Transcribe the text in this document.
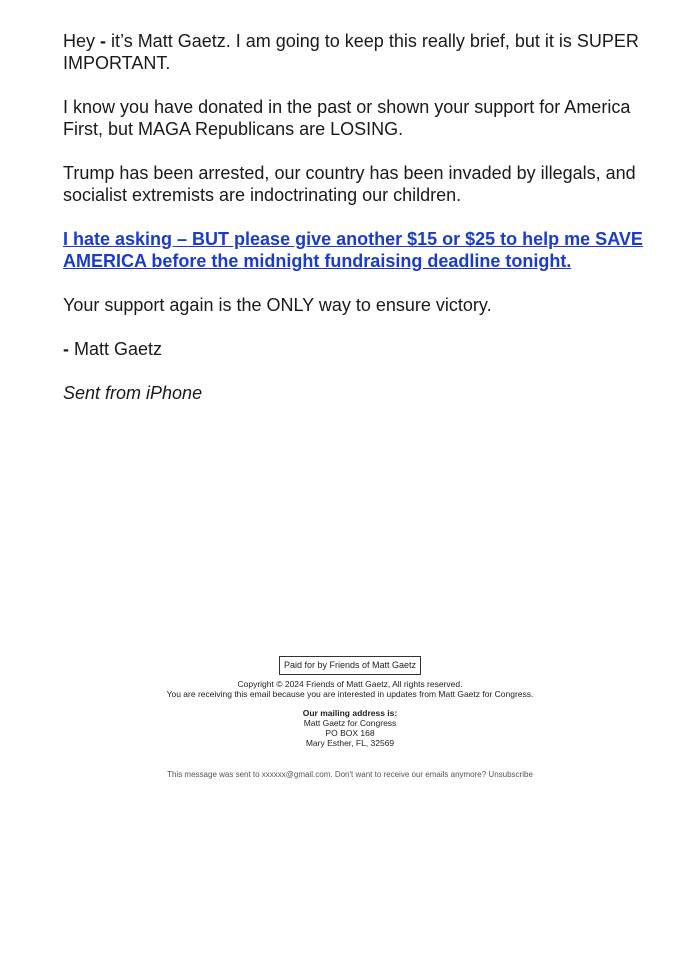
Hey - it’s Matt Gaetz. I am going to keep this really brief, but it is SUPER IMPORTANT.

I know you have donated in the past or shown your support for America First, but MAGA Republicans are LOSING.

Trump has been arrested, our country has been invaded by illegals, and socialist extremists are indoctrinating our children.

I hate asking – BUT please give another $15 or $25 to help me SAVE AMERICA before the midnight fundraising deadline tonight.

Your support again is the ONLY way to ensure victory.

- Matt Gaetz

Sent from iPhone

Paid for by Friends of Matt Gaetz

Copyright © 2024 Friends of Matt Gaetz, All rights reserved.

You are receiving this email because you are interested in updates from Matt Gaetz for Congress.

Our mailing address is:

Matt Gaetz for Congress

PO BOX 168

Mary Esther, FL, 32569

This message was sent to xxxxxx@gmail.com. Don't want to receive our emails anymore? Unsubscribe
